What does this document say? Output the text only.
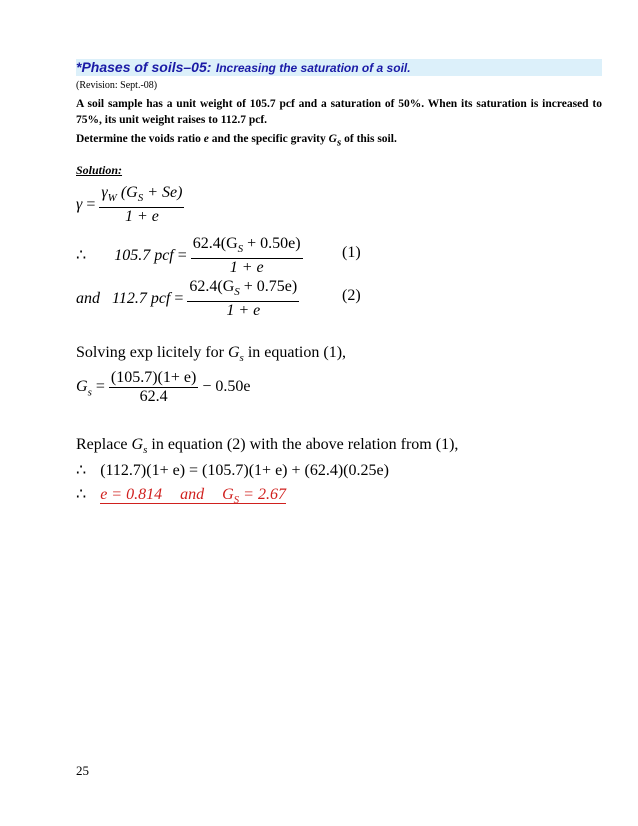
*Phases of soils–05: Increasing the saturation of a soil.
(Revision: Sept.-08)
A soil sample has a unit weight of 105.7 pcf and a saturation of 50%. When its saturation is increased to 75%, its unit weight raises to 112.7 pcf.
Determine the voids ratio e and the specific gravity $G_s$ of this soil.
Solution:
$\gamma = \frac{\gamma_W (G_S + Se)}{1 + e}$
∴ 105.7 pcf = $\frac{62.4(G_S + 0.50e)}{1 + e} (1)$
and 112.7 pcf = $\frac{62.4(G_S + 0.75e)}{1 + e}$	(2)
Solving exp licitely for $G_s$ in equation (1),
$G_s = \frac{(105.7)(1+ e)}{62.4} - 0.50e$
Replace $G_s$ in equation (2) with the above relation from (1),
∴ (112.7)(1+ e) = (105.7)(1+ e) + (62.4)(0.25e)
∴ e = 0.814 and $G_S = 2.67$
25
